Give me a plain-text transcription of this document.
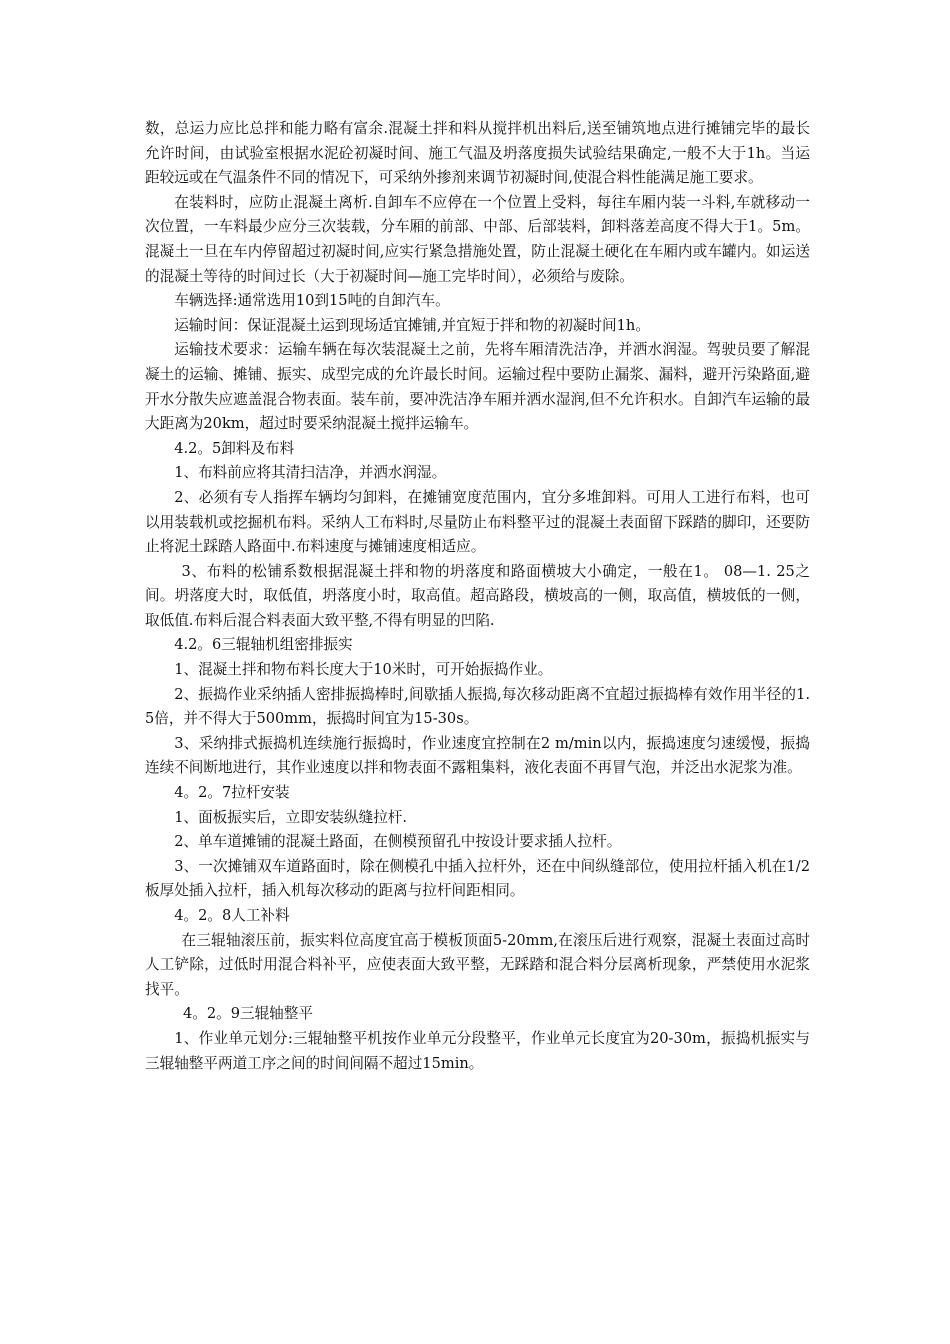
数，总运力应比总拌和能力略有富余.混凝土拌和料从搅拌机出料后,送至铺筑地点进行摊铺完毕的最长允许时间，由试验室根据水泥砼初凝时间、施工气温及坍落度损失试验结果确定,一般不大于1h。当运距较远或在气温条件不同的情况下，可采纳外掺剂来调节初凝时间,使混合料性能满足施工要求。

在装料时，应防止混凝土离析.自卸车不应停在一个位置上受料，每往车厢内装一斗料,车就移动一次位置，一车料最少应分三次装载，分车厢的前部、中部、后部装料，卸料落差高度不得大于1。5m。混凝土一旦在车内停留超过初凝时间,应实行紧急措施处置，防止混凝土硬化在车厢内或车罐内。如运送的混凝土等待的时间过长（大于初凝时间—施工完毕时间），必须给与废除。

车辆选择:通常选用10到15吨的自卸汽车。

运输时间：保证混凝土运到现场适宜摊铺,并宜短于拌和物的初凝时间1h。

运输技术要求：运输车辆在每次装混凝土之前，先将车厢清洗洁净，并洒水润湿。驾驶员要了解混凝土的运输、摊铺、振实、成型完成的允许最长时间。运输过程中要防止漏浆、漏料，避开污染路面,避开水分散失应遮盖混合物表面。装车前，要冲洗洁净车厢并洒水湿润,但不允许积水。自卸汽车运输的最大距离为20km，超过时要采纳混凝土搅拌运输车。

4.2。5卸料及布料

1、布料前应将其清扫洁净，并洒水润湿。

2、必须有专人指挥车辆均匀卸料，在摊铺宽度范围内，宜分多堆卸料。可用人工进行布料，也可以用装载机或挖掘机布料。采纳人工布料时,尽量防止布料整平过的混凝土表面留下踩踏的脚印，还要防止将泥土踩踏人路面中.布料速度与摊铺速度相适应。

3、布料的松铺系数根据混凝土拌和物的坍落度和路面横坡大小确定，一般在1。 08—1. 25之间。坍落度大时，取低值，坍落度小时，取高值。超高路段，横坡高的一侧，取高值，横坡低的一侧，取低值.布料后混合料表面大致平整,不得有明显的凹陷.

4.2。6三辊轴机组密排振实

1、混凝土拌和物布料长度大于10米时，可开始振捣作业。

2、振捣作业采纳插人密排振捣棒时,间歇插人振捣,每次移动距离不宜超过振捣棒有效作用半径的1.5倍，并不得大于500mm，振捣时间宜为15-30s。

3、采纳排式振捣机连续施行振捣时，作业速度宜控制在2 m/min以内，振捣速度匀速缓慢，振捣连续不间断地进行，其作业速度以拌和物表面不露粗集料，液化表面不再冒气泡，并泛出水泥浆为准。

4。2。7拉杆安装

1、面板振实后，立即安装纵缝拉杆.

2、单车道摊铺的混凝土路面，在侧模预留孔中按设计要求插人拉杆。

3、一次摊铺双车道路面时，除在侧模孔中插入拉杆外，还在中间纵缝部位，使用拉杆插入机在1/2板厚处插入拉杆，插入机每次移动的距离与拉杆间距相同。

4。2。8人工补料

在三辊轴滚压前，振实料位高度宜高于模板顶面5-20mm,在滚压后进行观察，混凝土表面过高时人工铲除，过低时用混合料补平，应使表面大致平整，无踩踏和混合料分层离析现象，严禁使用水泥浆找平。

4。2。9三辊轴整平

1、作业单元划分:三辊轴整平机按作业单元分段整平，作业单元长度宜为20-30m，振捣机振实与三辊轴整平两道工序之间的时间间隔不超过15min。
